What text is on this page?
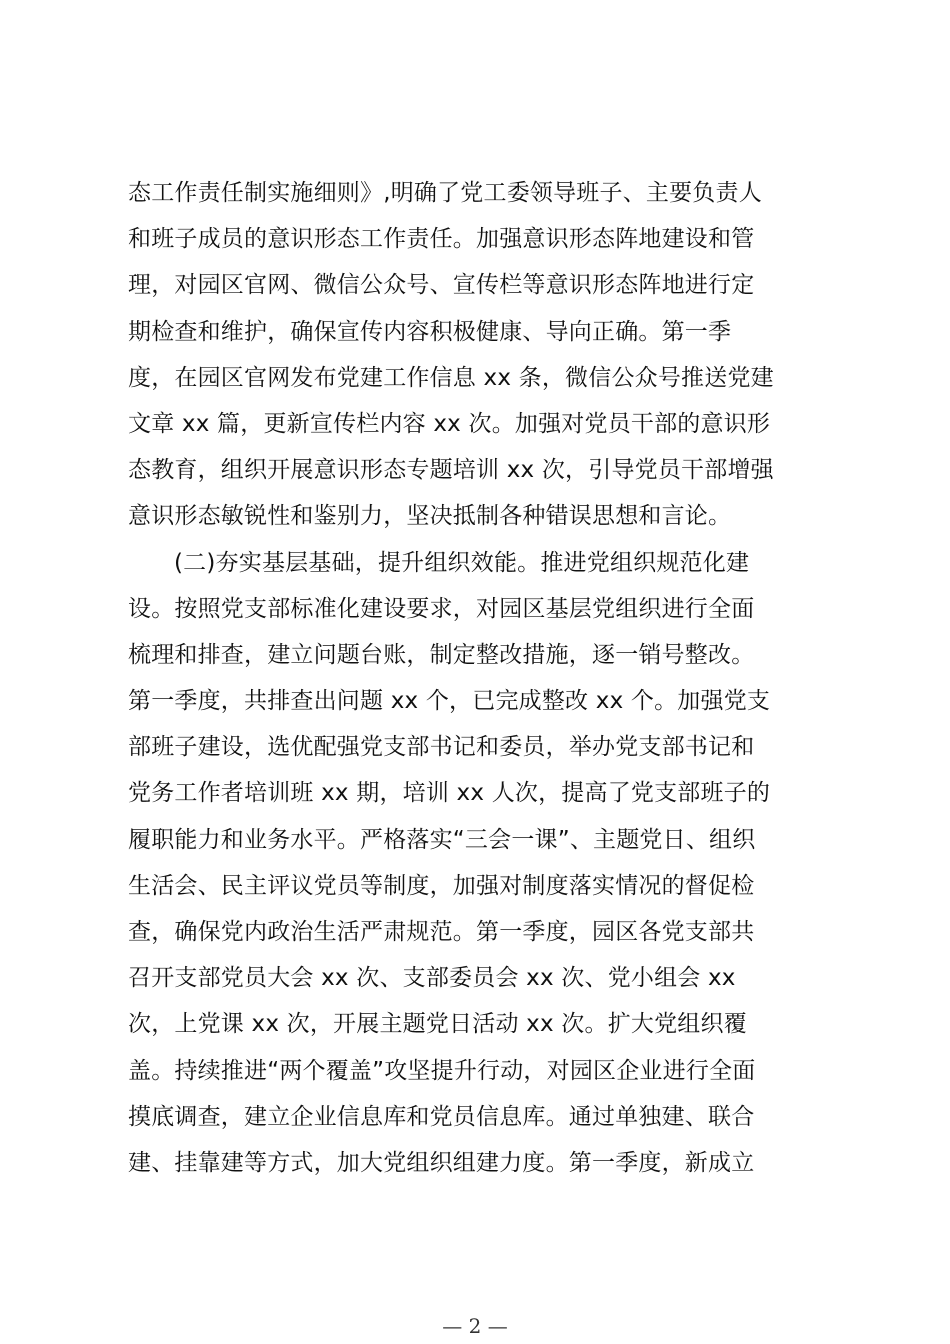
态工作责任制实施细则》,明确了党工委领导班子、主要负责人
和班子成员的意识形态工作责任。加强意识形态阵地建设和管
理，对园区官网、微信公众号、宣传栏等意识形态阵地进行定
期检查和维护，确保宣传内容积极健康、导向正确。第一季
度，在园区官网发布党建工作信息 xx 条，微信公众号推送党建
文章 xx 篇，更新宣传栏内容 xx 次。加强对党员干部的意识形
态教育，组织开展意识形态专题培训 xx 次，引导党员干部增强
意识形态敏锐性和鉴别力，坚决抵制各种错误思想和言论。
(二)夯实基层基础，提升组织效能。推进党组织规范化建
设。按照党支部标准化建设要求，对园区基层党组织进行全面
梳理和排查，建立问题台账，制定整改措施，逐一销号整改。
第一季度，共排查出问题 xx 个，已完成整改 xx 个。加强党支
部班子建设，选优配强党支部书记和委员，举办党支部书记和
党务工作者培训班 xx 期，培训 xx 人次，提高了党支部班子的
履职能力和业务水平。严格落实“三会一课”、主题党日、组织
生活会、民主评议党员等制度，加强对制度落实情况的督促检
查，确保党内政治生活严肃规范。第一季度，园区各党支部共
召开支部党员大会 xx 次、支部委员会 xx 次、党小组会 xx
次，上党课 xx 次，开展主题党日活动 xx 次。扩大党组织覆
盖。持续推进“两个覆盖”攻坚提升行动，对园区企业进行全面
摸底调查，建立企业信息库和党员信息库。通过单独建、联合
建、挂靠建等方式，加大党组织组建力度。第一季度，新成立
— 2 —
